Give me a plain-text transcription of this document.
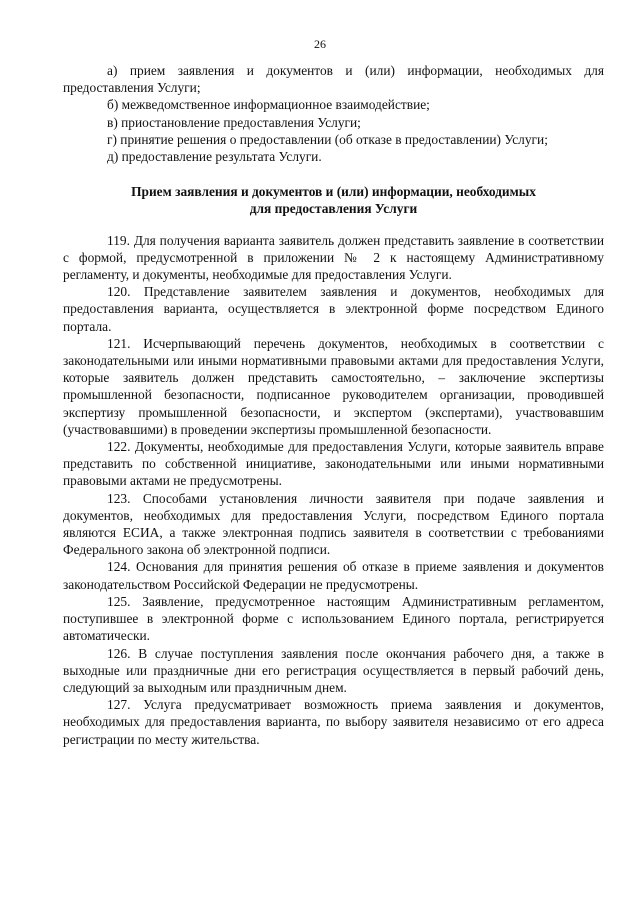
26

а) прием заявления и документов и (или) информации, необходимых для предоставления Услуги;

б) межведомственное информационное взаимодействие;

в) приостановление предоставления Услуги;

г) принятие решения о предоставлении (об отказе в предоставлении) Услуги;

д) предоставление результата Услуги.

Прием заявления и документов и (или) информации, необходимых
для предоставления Услуги

119. Для получения варианта заявитель должен представить заявление в соответствии с формой, предусмотренной в приложении № 2 к настоящему Административному регламенту, и документы, необходимые для предоставления Услуги.

120. Представление заявителем заявления и документов, необходимых для предоставления варианта, осуществляется в электронной форме посредством Единого портала.

121. Исчерпывающий перечень документов, необходимых в соответствии с законодательными или иными нормативными правовыми актами для предоставления Услуги, которые заявитель должен представить самостоятельно, – заключение экспертизы промышленной безопасности, подписанное руководителем организации, проводившей экспертизу промышленной безопасности, и экспертом (экспертами), участвовавшим (участвовавшими) в проведении экспертизы промышленной безопасности.

122. Документы, необходимые для предоставления Услуги, которые заявитель вправе представить по собственной инициативе, законодательными или иными нормативными правовыми актами не предусмотрены.

123. Способами установления личности заявителя при подаче заявления и документов, необходимых для предоставления Услуги, посредством Единого портала являются ЕСИА, а также электронная подпись заявителя в соответствии с требованиями Федерального закона об электронной подписи.

124. Основания для принятия решения об отказе в приеме заявления и документов законодательством Российской Федерации не предусмотрены.

125. Заявление, предусмотренное настоящим Административным регламентом, поступившее в электронной форме с использованием Единого портала, регистрируется автоматически.

126. В случае поступления заявления после окончания рабочего дня, а также в выходные или праздничные дни его регистрация осуществляется в первый рабочий день, следующий за выходным или праздничным днем.

127. Услуга предусматривает возможность приема заявления и документов, необходимых для предоставления варианта, по выбору заявителя независимо от его адреса регистрации по месту жительства.
